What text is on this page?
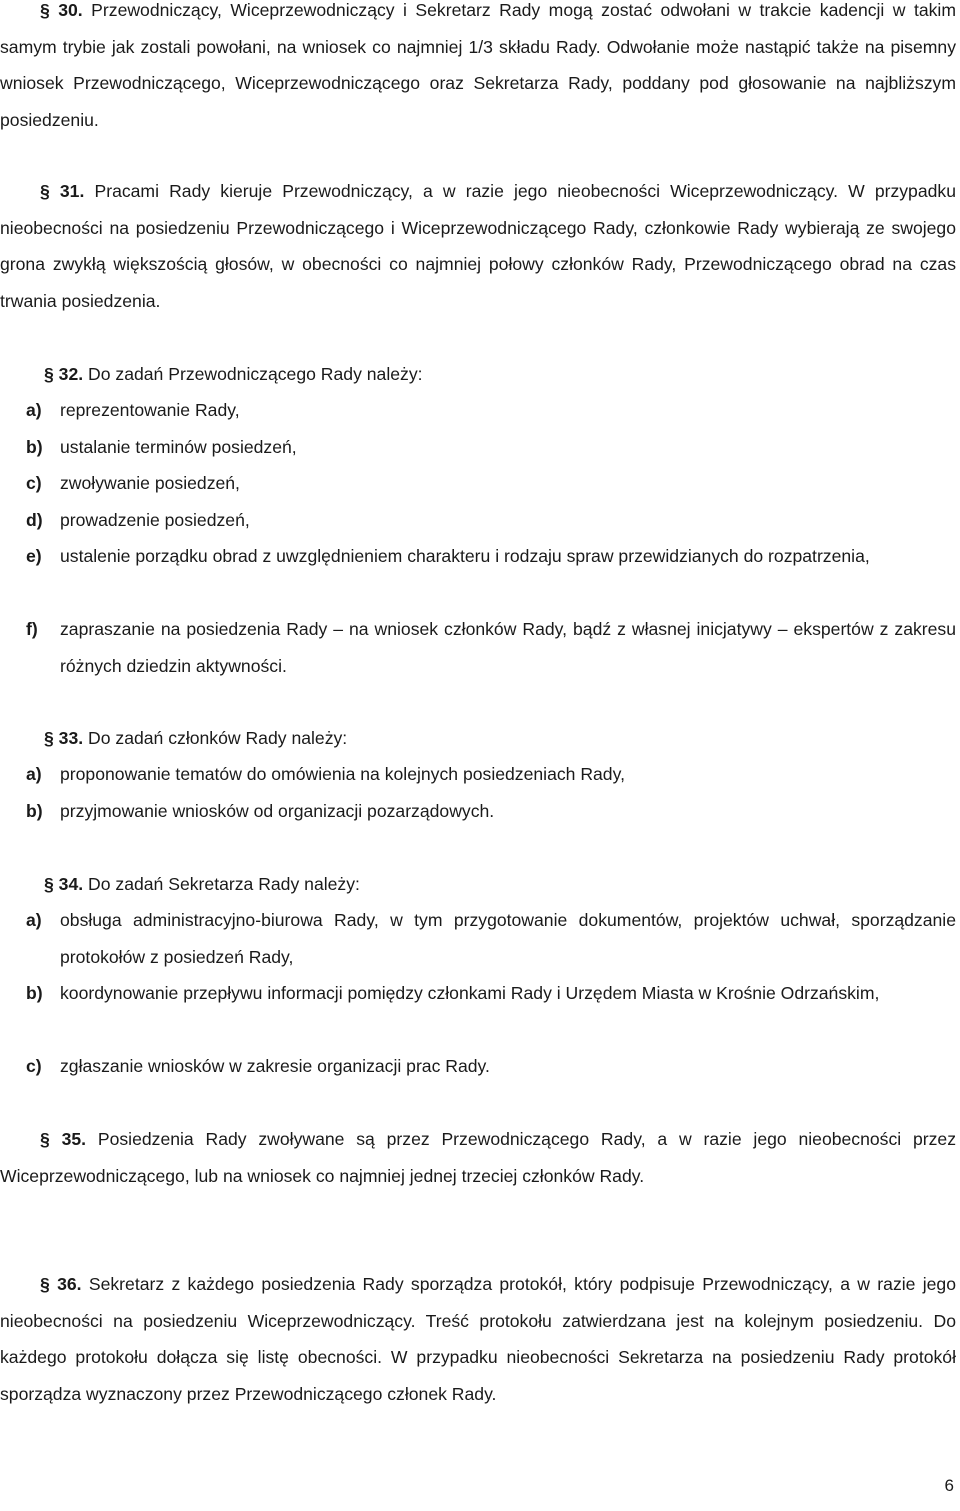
§ 30. Przewodniczący, Wiceprzewodniczący i Sekretarz Rady mogą zostać odwołani w trakcie kadencji w takim samym trybie jak zostali powołani, na wniosek co najmniej 1/3 składu Rady. Odwołanie może nastąpić także na pisemny wniosek Przewodniczącego, Wiceprzewodniczącego oraz Sekretarza Rady, poddany pod głosowanie na najbliższym posiedzeniu.

§ 31. Pracami Rady kieruje Przewodniczący, a w razie jego nieobecności Wiceprzewodniczący. W przypadku nieobecności na posiedzeniu Przewodniczącego i Wiceprzewodniczącego Rady, członkowie Rady wybierają ze swojego grona zwykłą większością głosów, w obecności co najmniej połowy członków Rady, Przewodniczącego obrad na czas trwania posiedzenia.

§ 32. Do zadań Przewodniczącego Rady należy:

a) reprezentowanie Rady,
b) ustalanie terminów posiedzeń,
c) zwoływanie posiedzeń,
d) prowadzenie posiedzeń,
e) ustalenie porządku obrad z uwzględnieniem charakteru i rodzaju spraw przewidzianych do rozpatrzenia,
f) zapraszanie na posiedzenia Rady – na wniosek członków Rady, bądź z własnej inicjatywy – ekspertów z zakresu różnych dziedzin aktywności.

§ 33. Do zadań członków Rady należy:

a) proponowanie tematów do omówienia na kolejnych posiedzeniach Rady,
b) przyjmowanie wniosków od organizacji pozarządowych.

§ 34. Do zadań Sekretarza Rady należy:

a) obsługa administracyjno-biurowa Rady, w tym przygotowanie dokumentów, projektów uchwał, sporządzanie protokołów z posiedzeń Rady,
b) koordynowanie przepływu informacji pomiędzy członkami Rady i Urzędem Miasta w Krośnie Odrzańskim,
c) zgłaszanie wniosków w zakresie organizacji prac Rady.

§ 35. Posiedzenia Rady zwoływane są przez Przewodniczącego Rady, a w razie jego nieobecności przez Wiceprzewodniczącego, lub na wniosek co najmniej jednej trzeciej członków Rady.

§ 36. Sekretarz z każdego posiedzenia Rady sporządza protokół, który podpisuje Przewodniczący, a w razie jego nieobecności na posiedzeniu Wiceprzewodniczący. Treść protokołu zatwierdzana jest na kolejnym posiedzeniu. Do każdego protokołu dołącza się listę obecności. W przypadku nieobecności Sekretarza na posiedzeniu Rady protokół sporządza wyznaczony przez Przewodniczącego członek Rady.

6
